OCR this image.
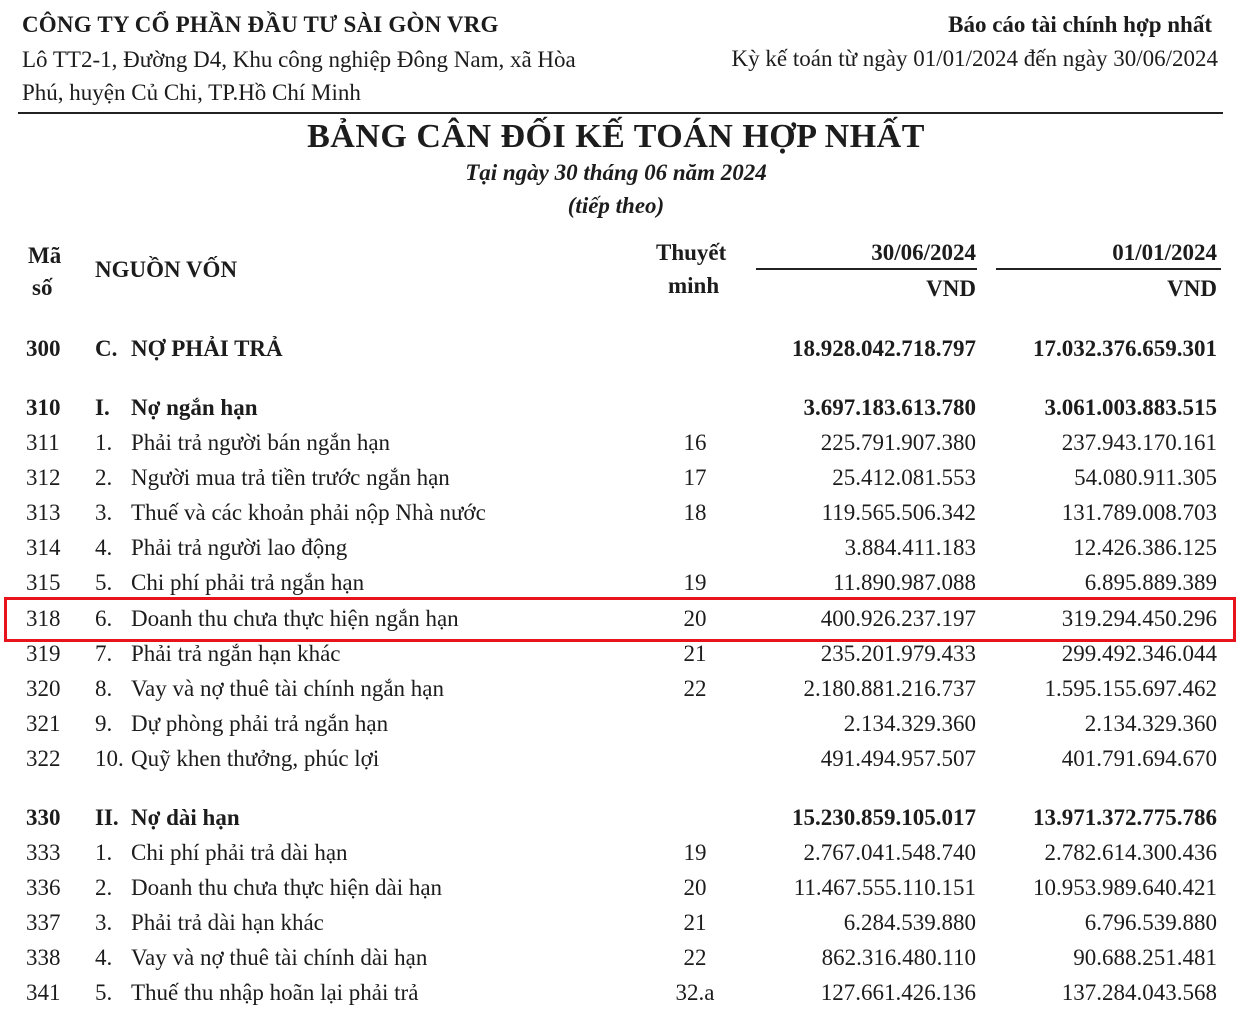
CÔNG TY CỔ PHẦN ĐẦU TƯ SÀI GÒN VRG
Lô TT2-1, Đường D4, Khu công nghiệp Đông Nam, xã Hòa
Phú, huyện Củ Chi, TP.Hồ Chí Minh
Báo cáo tài chính hợp nhất
Kỳ kế toán từ ngày 01/01/2024 đến ngày 30/06/2024
BẢNG CÂN ĐỐI KẾ TOÁN HỢP NHẤT
Tại ngày 30 tháng 06 năm 2024
(tiếp theo)
Mã
số
NGUỒN VỐN
Thuyết
minh
30/06/2024	01/01/2024
VND	VND
300 C. NỢ PHẢI TRẢ	18.928.042.718.797 17.032.376.659.301
310 I. Nợ ngắn hạn	3.697.183.613.780	3.061.003.883.515
311 1. Phải trả người bán ngắn hạn	16	225.791.907.380	237.943.170.161
312 2. Người mua trả tiền trước ngắn hạn	17	25.412.081.553	54.080.911.305
313 3. Thuế và các khoản phải nộp Nhà nước	18	119.565.506.342	131.789.008.703
314 4. Phải trả người lao động	3.884.411.183	12.426.386.125
315 5. Chi phí phải trả ngắn hạn	19	11.890.987.088	6.895.889.389
318 6. Doanh thu chưa thực hiện ngắn hạn	20	400.926.237.197	319.294.450.296
319 7. Phải trả ngắn hạn khác	21	235.201.979.433	299.492.346.044
320 8. Vay và nợ thuê tài chính ngắn hạn	22	2.180.881.216.737	1.595.155.697.462
321 9. Dự phòng phải trả ngắn hạn	2.134.329.360	2.134.329.360
322 10. Quỹ khen thưởng, phúc lợi	491.494.957.507	401.791.694.670
330 II. Nợ dài hạn	15.230.859.105.017 13.971.372.775.786
333 1. Chi phí phải trả dài hạn	19	2.767.041.548.740	2.782.614.300.436
336 2. Doanh thu chưa thực hiện dài hạn	20	11.467.555.110.151 10.953.989.640.421
337 3. Phải trả dài hạn khác	21	6.284.539.880	6.796.539.880
338 4. Vay và nợ thuê tài chính dài hạn	22	862.316.480.110	90.688.251.481
341 5. Thuế thu nhập hoãn lại phải trả	32.a	127.661.426.136	137.284.043.568
